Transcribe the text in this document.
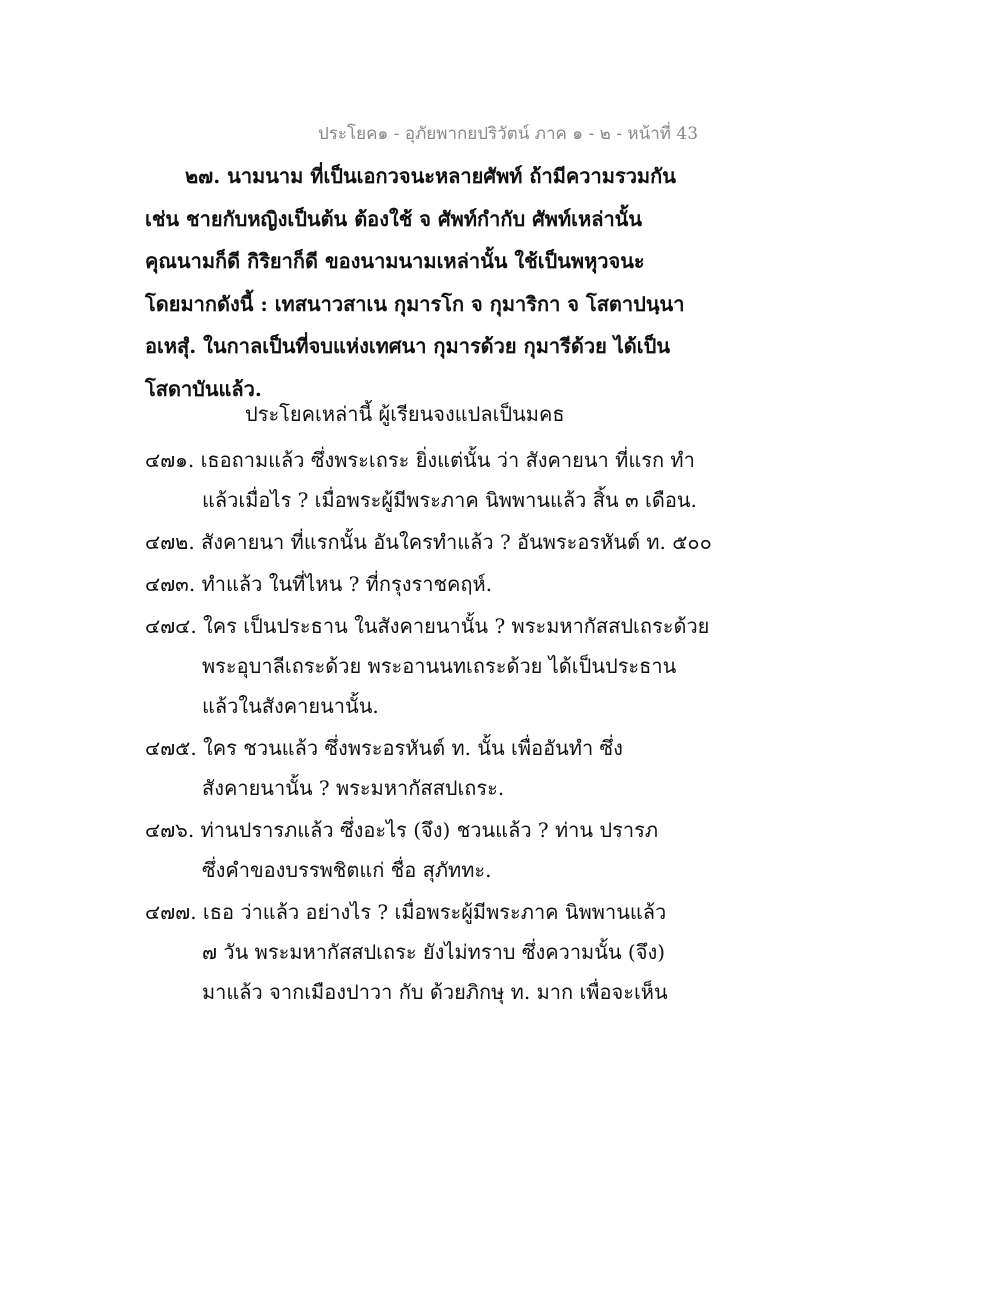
ประโยค๑ - อุภัยพากยปริวัตน์ ภาค ๑ - ๒ - หน้าที่ 43
๒๗. นามนาม ที่เป็นเอกวจนะหลายศัพท์ ถ้ามีความรวมกัน
เช่น ชายกับหญิงเป็นต้น ต้องใช้ จ ศัพท์กำกับ ศัพท์เหล่านั้น
คุณนามก็ดี กิริยาก็ดี ของนามนามเหล่านั้น ใช้เป็นพหุวจนะ
โดยมากดังนี้ : เทสนาวสาเน กุมารโก จ กุมาริกา จ โสตาปนฺนา
อเหสุํ. ในกาลเป็นที่จบแห่งเทศนา กุมารด้วย กุมารีด้วย ได้เป็น
โสดาบันแล้ว.
ประโยคเหล่านี้ ผู้เรียนจงแปลเป็นมคธ
๔๗๑. เธอถามแล้ว ซึ่งพระเถระ ยิ่งแต่นั้น ว่า สังคายนา ที่แรก ทำ
แล้วเมื่อไร ? เมื่อพระผู้มีพระภาค นิพพานแล้ว สิ้น ๓ เดือน.
๔๗๒. สังคายนา ที่แรกนั้น อันใครทำแล้ว ? อันพระอรหันต์ ท. ๕๐๐
๔๗๓. ทำแล้ว ในที่ไหน ? ที่กรุงราชคฤห์.
๔๗๔. ใคร เป็นประธาน ในสังคายนานั้น ? พระมหากัสสปเถระด้วย
พระอุบาลีเถระด้วย พระอานนทเถระด้วย ได้เป็นประธาน
แล้วในสังคายนานั้น.
๔๗๕. ใคร ชวนแล้ว ซึ่งพระอรหันต์ ท. นั้น เพื่ออันทำ ซึ่ง
สังคายนานั้น ? พระมหากัสสปเถระ.
๔๗๖. ท่านปรารภแล้ว ซึ่งอะไร (จึง) ชวนแล้ว ? ท่าน ปรารภ
ซึ่งคำของบรรพชิตแก่ ชื่อ สุภัททะ.
๔๗๗. เธอ ว่าแล้ว อย่างไร ? เมื่อพระผู้มีพระภาค นิพพานแล้ว
๗ วัน พระมหากัสสปเถระ ยังไม่ทราบ ซึ่งความนั้น (จึง)
มาแล้ว จากเมืองปาวา กับ ด้วยภิกษุ ท. มาก เพื่อจะเห็น
